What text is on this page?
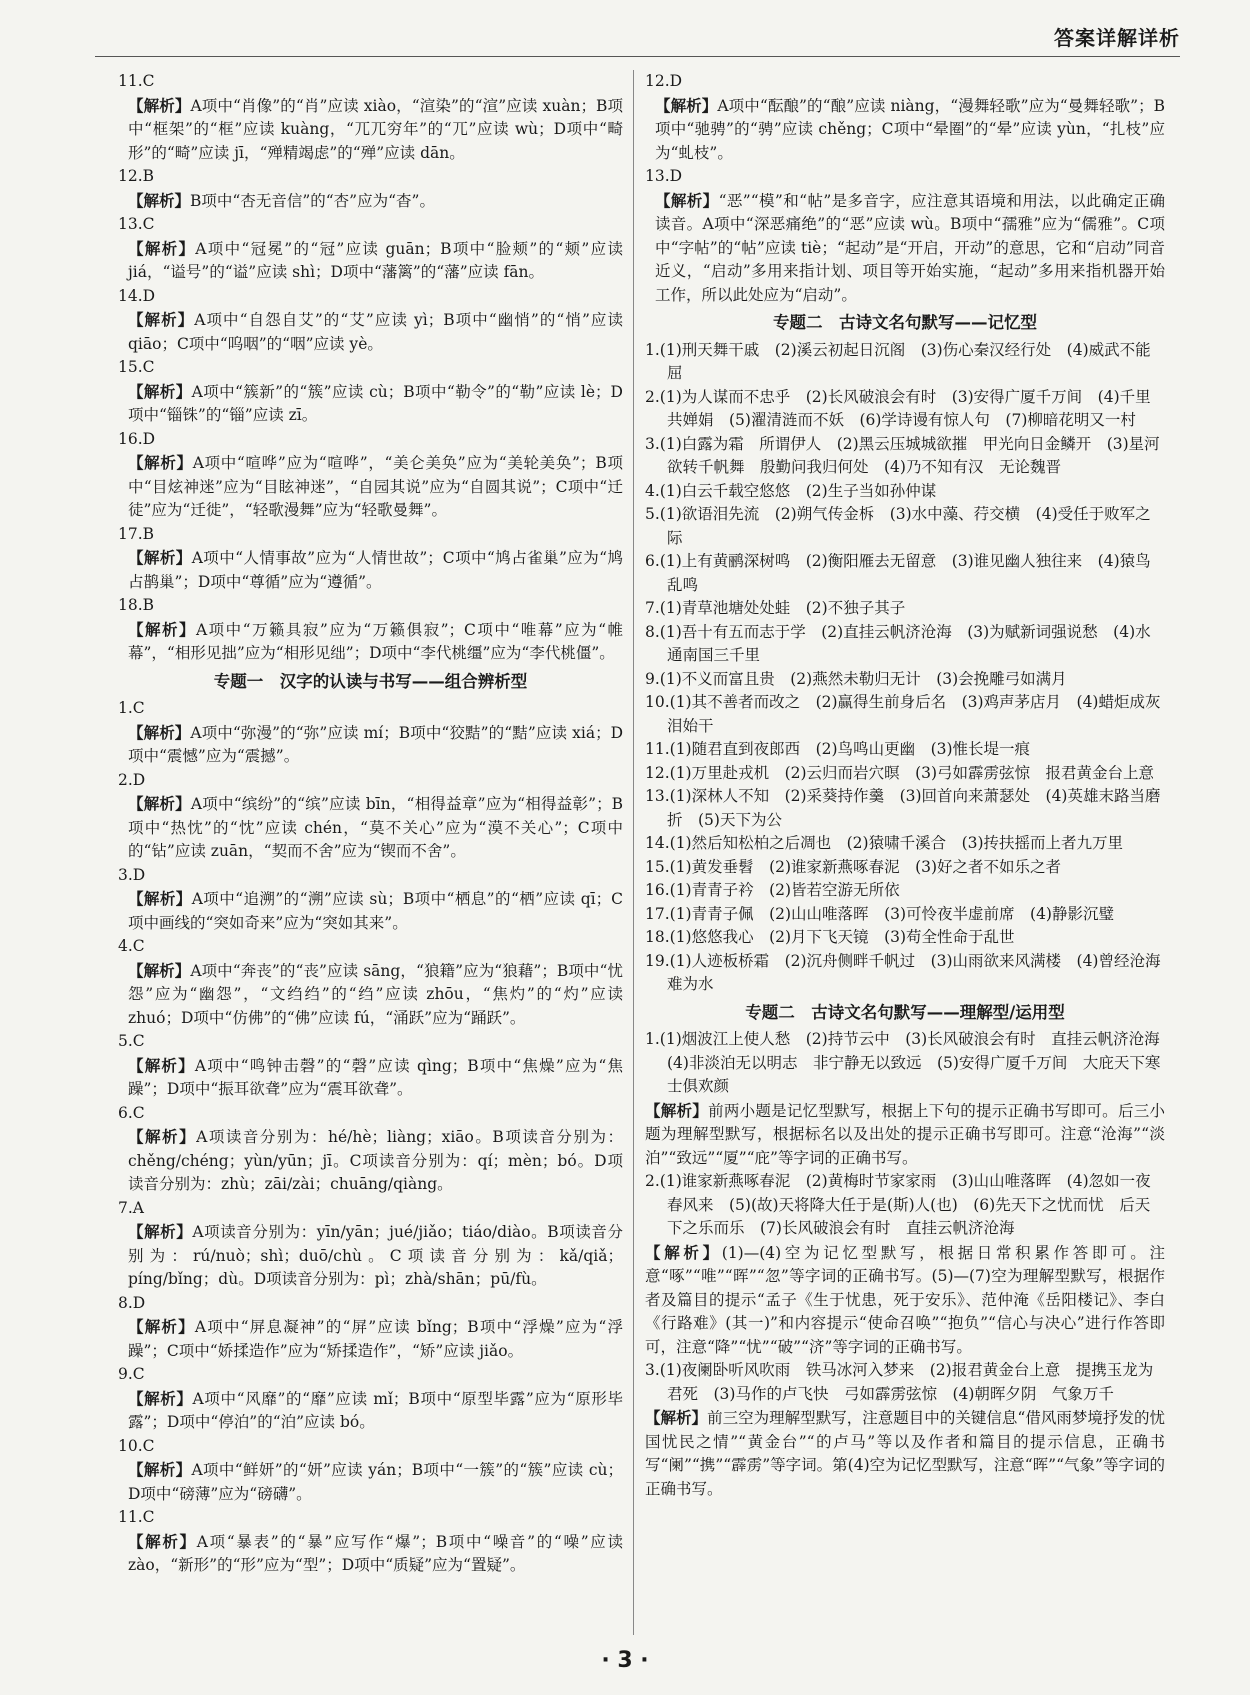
答案详解详析

11.C

【解析】A项中“肖像”的“肖”应读 xiào，“渲染”的“渲”应读 xuàn；B项中“框架”的“框”应读 kuàng，“兀兀穷年”的“兀”应读 wù；D项中“畸形”的“畸”应读 jī，“殚精竭虑”的“殚”应读 dān。

12.B

【解析】B项中“杏无音信”的“杏”应为“杳”。

13.C

【解析】A项中“冠冕”的“冠”应读 guān；B项中“脸颊”的“颊”应读 jiá，“谥号”的“谥”应读 shì；D项中“藩篱”的“藩”应读 fān。

14.D

【解析】A项中“自怨自艾”的“艾”应读 yì；B项中“幽悄”的“悄”应读 qiāo；C项中“呜咽”的“咽”应读 yè。

15.C

【解析】A项中“簇新”的“簇”应读 cù；B项中“勒令”的“勒”应读 lè；D项中“锱铢”的“锱”应读 zī。

16.D

【解析】A项中“喧哗”应为“喧哗”，“美仑美奂”应为“美轮美奂”；B项中“目炫神迷”应为“目眩神迷”，“自园其说”应为“自圆其说”；C项中“迁徒”应为“迁徙”，“轻歌漫舞”应为“轻歌曼舞”。

17.B

【解析】A项中“人情事故”应为“人情世故”；C项中“鸠占雀巢”应为“鸠占鹊巢”；D项中“尊循”应为“遵循”。

18.B

【解析】A项中“万籁具寂”应为“万籁俱寂”；C项中“唯幕”应为“帷幕”，“相形见拙”应为“相形见绌”；D项中“李代桃缰”应为“李代桃僵”。

专题一　汉字的认读与书写——组合辨析型

1.C

【解析】A项中“弥漫”的“弥”应读 mí；B项中“狡黠”的“黠”应读 xiá；D项中“震憾”应为“震撼”。

2.D

【解析】A项中“缤纷”的“缤”应读 bīn，“相得益章”应为“相得益彰”；B项中“热忱”的“忱”应读 chén，“莫不关心”应为“漠不关心”；C项中的“钻”应读 zuān，“契而不舍”应为“锲而不舍”。

3.D

【解析】A项中“追溯”的“溯”应读 sù；B项中“栖息”的“栖”应读 qī；C项中画线的“突如奇来”应为“突如其来”。

4.C

【解析】A项中“奔丧”的“丧”应读 sāng，“狼籍”应为“狼藉”；B项中“忧怨”应为“幽怨”，“文绉绉”的“绉”应读 zhōu，“焦灼”的“灼”应读 zhuó；D项中“仿佛”的“佛”应读 fú，“涌跃”应为“踊跃”。

5.C

【解析】A项中“鸣钟击磬”的“磬”应读 qìng；B项中“焦燥”应为“焦躁”；D项中“振耳欲聋”应为“震耳欲聋”。

6.C

【解析】A项读音分别为：hé/hè；liàng；xiāo。B项读音分别为：chěng/chéng；yùn/yūn；jī。C项读音分别为：qí；mèn；bó。D项读音分别为：zhù；zāi/zài；chuāng/qiàng。

7.A

【解析】A项读音分别为：yīn/yān；jué/jiǎo；tiáo/diào。B项读音分别为：rú/nuò；shì；duō/chù。C项读音分别为：kǎ/qiǎ；píng/bǐng；dù。D项读音分别为：pì；zhà/shān；pū/fù。

8.D

【解析】A项中“屏息凝神”的“屏”应读 bǐng；B项中“浮燥”应为“浮躁”；C项中“娇揉造作”应为“矫揉造作”，“矫”应读 jiǎo。

9.C

【解析】A项中“风靡”的“靡”应读 mǐ；B项中“原型毕露”应为“原形毕露”；D项中“停泊”的“泊”应读 bó。

10.C

【解析】A项中“鲜妍”的“妍”应读 yán；B项中“一簇”的“簇”应读 cù；D项中“磅薄”应为“磅礴”。

11.C

【解析】A项“暴表”的“暴”应写作“爆”；B项中“噪音”的“噪”应读 zào，“新形”的“形”应为“型”；D项中“质疑”应为“置疑”。

12.D

【解析】A项中“酝酿”的“酿”应读 niàng，“漫舞轻歌”应为“曼舞轻歌”；B项中“驰骋”的“骋”应读 chěng；C项中“晕圈”的“晕”应读 yùn，“扎枝”应为“虬枝”。

13.D

【解析】“恶”“模”和“帖”是多音字，应注意其语境和用法，以此确定正确读音。A项中“深恶痛绝”的“恶”应读 wù。B项中“孺雅”应为“儒雅”。C项中“字帖”的“帖”应读 tiè；“起动”是“开启，开动”的意思，它和“启动”同音近义，“启动”多用来指计划、项目等开始实施，“起动”多用来指机器开始工作，所以此处应为“启动”。

专题二　古诗文名句默写——记忆型

1.(1)刑天舞干戚　(2)溪云初起日沉阁　(3)伤心秦汉经行处　(4)威武不能屈

2.(1)为人谋而不忠乎　(2)长风破浪会有时　(3)安得广厦千万间　(4)千里共婵娟　(5)濯清涟而不妖　(6)学诗谩有惊人句　(7)柳暗花明又一村

3.(1)白露为霜　所谓伊人　(2)黑云压城城欲摧　甲光向日金鳞开　(3)星河欲转千帆舞　殷勤问我归何处　(4)乃不知有汉　无论魏晋

4.(1)白云千载空悠悠　(2)生子当如孙仲谋

5.(1)欲语泪先流　(2)朔气传金柝　(3)水中藻、荇交横　(4)受任于败军之际

6.(1)上有黄鹂深树鸣　(2)衡阳雁去无留意　(3)谁见幽人独往来　(4)猿鸟乱鸣

7.(1)青草池塘处处蛙　(2)不独子其子

8.(1)吾十有五而志于学　(2)直挂云帆济沧海　(3)为赋新词强说愁　(4)水通南国三千里

9.(1)不义而富且贵　(2)燕然未勒归无计　(3)会挽雕弓如满月

10.(1)其不善者而改之　(2)赢得生前身后名　(3)鸡声茅店月　(4)蜡炬成灰泪始干

11.(1)随君直到夜郎西　(2)鸟鸣山更幽　(3)惟长堤一痕

12.(1)万里赴戎机　(2)云归而岩穴暝　(3)弓如霹雳弦惊　报君黄金台上意

13.(1)深林人不知　(2)采葵持作羹　(3)回首向来萧瑟处　(4)英雄末路当磨折　(5)天下为公

14.(1)然后知松柏之后凋也　(2)猿啸千溪合　(3)抟扶摇而上者九万里

15.(1)黄发垂髫　(2)谁家新燕啄春泥　(3)好之者不如乐之者

16.(1)青青子衿　(2)皆若空游无所依

17.(1)青青子佩　(2)山山唯落晖　(3)可怜夜半虚前席　(4)静影沉璧

18.(1)悠悠我心　(2)月下飞天镜　(3)苟全性命于乱世

19.(1)人迹板桥霜　(2)沉舟侧畔千帆过　(3)山雨欲来风满楼　(4)曾经沧海难为水

专题二　古诗文名句默写——理解型/运用型

1.(1)烟波江上使人愁　(2)持节云中　(3)长风破浪会有时　直挂云帆济沧海　(4)非淡泊无以明志　非宁静无以致远　(5)安得广厦千万间　大庇天下寒士俱欢颜

【解析】前两小题是记忆型默写，根据上下句的提示正确书写即可。后三小题为理解型默写，根据标名以及出处的提示正确书写即可。注意“沧海”“淡泊”“致远”“厦”“庇”等字词的正确书写。

2.(1)谁家新燕啄春泥　(2)黄梅时节家家雨　(3)山山唯落晖　(4)忽如一夜春风来　(5)(故)天将降大任于是(斯)人(也)　(6)先天下之忧而忧　后天下之乐而乐　(7)长风破浪会有时　直挂云帆济沧海

【解析】(1)—(4)空为记忆型默写，根据日常积累作答即可。注意“啄”“唯”“晖”“忽”等字词的正确书写。(5)—(7)空为理解型默写，根据作者及篇目的提示“孟子《生于忧患，死于安乐》、范仲淹《岳阳楼记》、李白《行路难》(其一)”和内容提示“使命召唤”“抱负”“信心与决心”进行作答即可，注意“降”“忧”“破”“济”等字词的正确书写。

3.(1)夜阑卧听风吹雨　铁马冰河入梦来　(2)报君黄金台上意　提携玉龙为君死　(3)马作的卢飞快　弓如霹雳弦惊　(4)朝晖夕阴　气象万千

【解析】前三空为理解型默写，注意题目中的关键信息“借风雨梦境抒发的忧国忧民之情”“黄金台”“的卢马”等以及作者和篇目的提示信息，正确书写“阑”“携”“霹雳”等字词。第(4)空为记忆型默写，注意“晖”“气象”等字词的正确书写。

· 3 ·
